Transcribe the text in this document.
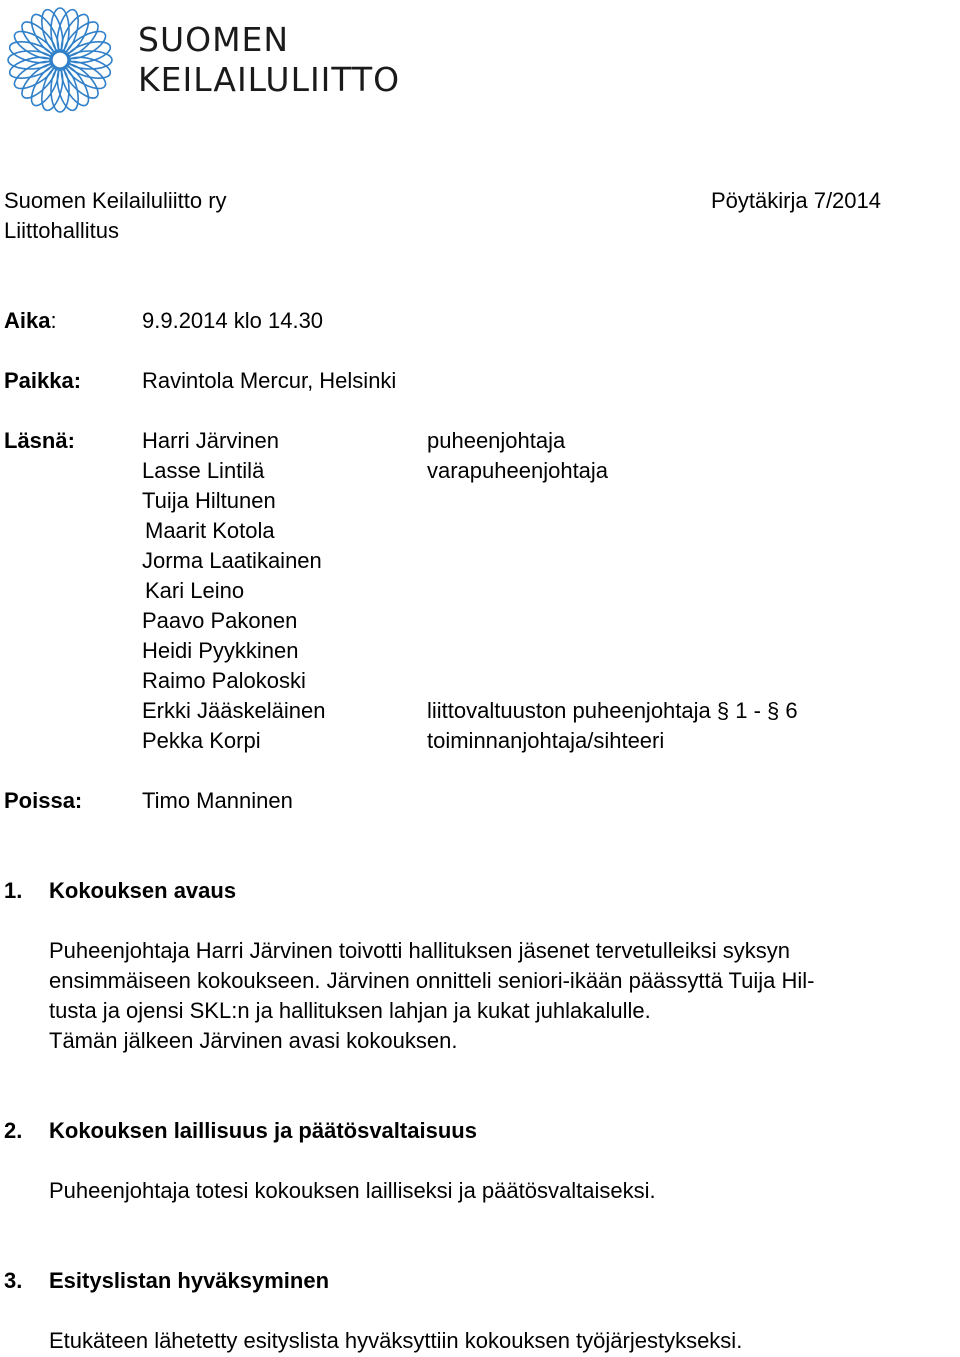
SUOMEN
KEILAILULIITTO
Suomen Keilailuliitto ry
Liittohallitus
Pöytäkirja 7/2014
Aika:	9.9.2014 klo 14.30
Paikka:	Ravintola Mercur, Helsinki
Läsnä:	Harri Järvinen	puheenjohtaja
Lasse Lintilä	varapuheenjohtaja
Tuija Hiltunen
Maarit Kotola
Jorma Laatikainen
Kari Leino
Paavo Pakonen
Heidi Pyykkinen
Raimo Palokoski
Erkki Jääskeläinen	liittovaltuuston puheenjohtaja § 1 - § 6
Pekka Korpi	toiminnanjohtaja/sihteeri
Poissa:	Timo Manninen
1. Kokouksen avaus
Puheenjohtaja Harri Järvinen toivotti hallituksen jäsenet tervetulleiksi syksyn
ensimmäiseen kokoukseen. Järvinen onnitteli seniori-ikään päässyttä Tuija Hil-
tusta ja ojensi SKL:n ja hallituksen lahjan ja kukat juhlakalulle.
Tämän jälkeen Järvinen avasi kokouksen.
2. Kokouksen laillisuus ja päätösvaltaisuus
Puheenjohtaja totesi kokouksen lailliseksi ja päätösvaltaiseksi.
3. Esityslistan hyväksyminen
Etukäteen lähetetty esityslista hyväksyttiin kokouksen työjärjestykseksi.
